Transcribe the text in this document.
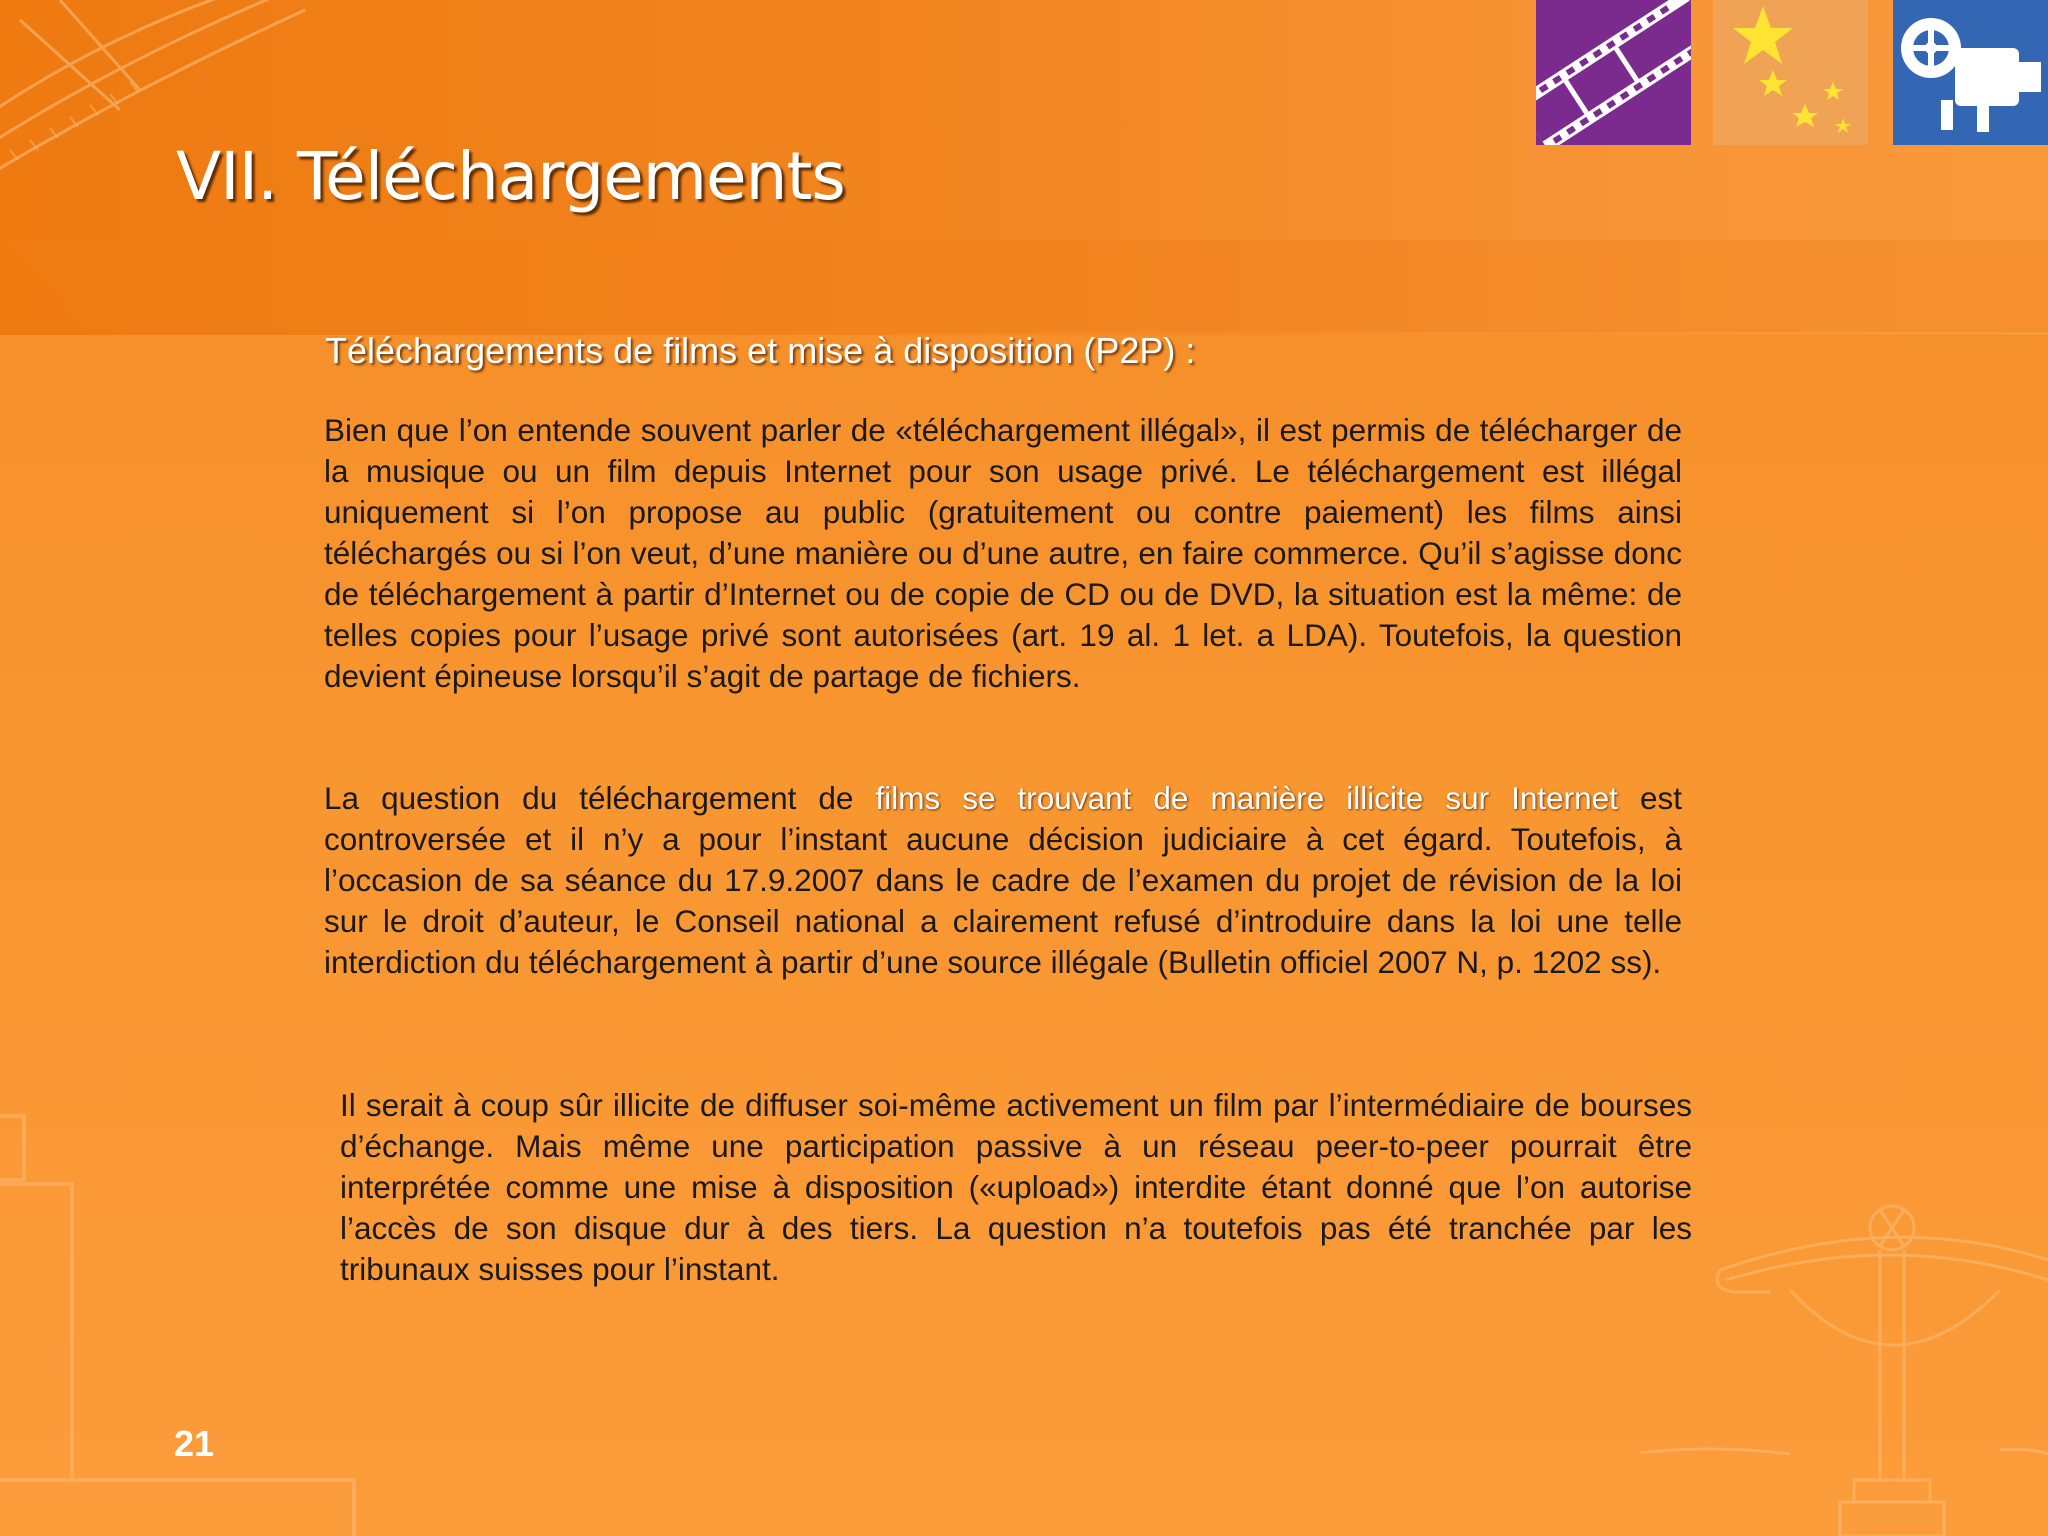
VII. Téléchargements
Téléchargements de films et mise à disposition (P2P) :

Bien que l’on entende souvent parler de «téléchargement illégal», il est permis de télécharger de la musique ou un film depuis Internet pour son usage privé. Le téléchargement est illégal uniquement si l’on propose au public (gratuitement ou contre paiement) les films ainsi téléchargés ou si l’on veut, d’une manière ou d’une autre, en faire commerce. Qu’il s’agisse donc de téléchargement à partir d’Internet ou de copie de CD ou de DVD, la situation est la même: de telles copies pour l’usage privé sont autorisées (art. 19 al. 1 let. a LDA). Toutefois, la question devient épineuse lorsqu’il s’agit de partage de fichiers.

La question du téléchargement de films se trouvant de manière illicite sur Internet est controversée et il n’y a pour l’instant aucune décision judiciaire à cet égard. Toutefois, à l’occasion de sa séance du 17.9.2007 dans le cadre de l’examen du projet de révision de la loi sur le droit d’auteur, le Conseil national a clairement refusé d’introduire dans la loi une telle interdiction du téléchargement à partir d’une source illégale (Bulletin officiel 2007 N, p. 1202 ss).

Il serait à coup sûr illicite de diffuser soi-même activement un film par l’intermédiaire de bourses d’échange. Mais même une participation passive à un réseau peer-to-peer pourrait être interprétée comme une mise à disposition («upload») interdite étant donné que l’on autorise l’accès de son disque dur à des tiers. La question n’a toutefois pas été tranchée par les tribunaux suisses pour l’instant.

21
